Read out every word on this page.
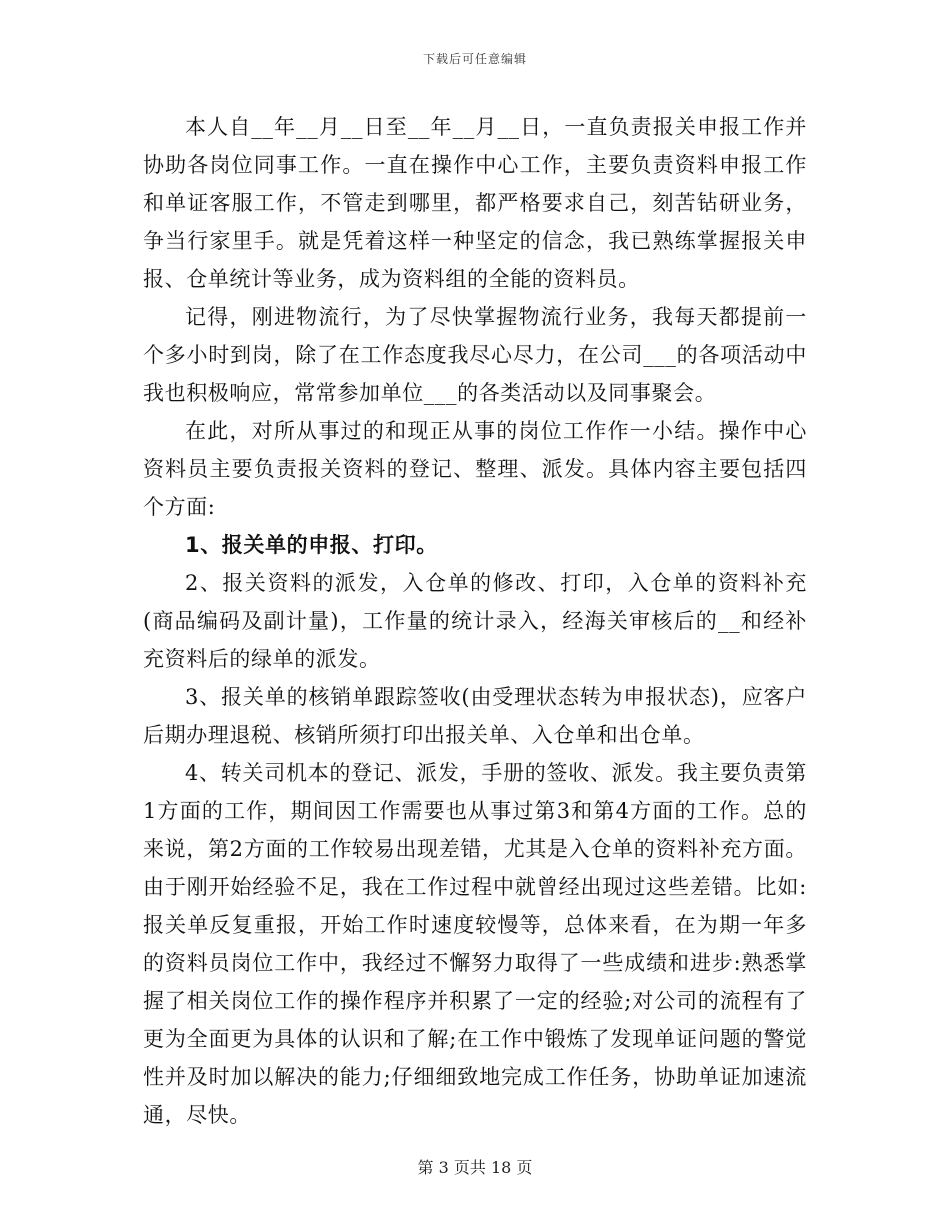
下载后可任意编辑

本人自__年__月__日至__年__月__日，一直负责报关申报工作并协助各岗位同事工作。一直在操作中心工作，主要负责资料申报工作和单证客服工作，不管走到哪里，都严格要求自己，刻苦钻研业务，争当行家里手。就是凭着这样一种坚定的信念，我已熟练掌握报关申报、仓单统计等业务，成为资料组的全能的资料员。

记得，刚进物流行，为了尽快掌握物流行业务，我每天都提前一个多小时到岗，除了在工作态度我尽心尽力，在公司___的各项活动中我也积极响应，常常参加单位___的各类活动以及同事聚会。

在此，对所从事过的和现正从事的岗位工作作一小结。操作中心资料员主要负责报关资料的登记、整理、派发。具体内容主要包括四个方面:

1、报关单的申报、打印。

2、报关资料的派发，入仓单的修改、打印，入仓单的资料补充(商品编码及副计量)，工作量的统计录入，经海关审核后的__和经补充资料后的绿单的派发。

3、报关单的核销单跟踪签收(由受理状态转为申报状态)，应客户后期办理退税、核销所须打印出报关单、入仓单和出仓单。

4、转关司机本的登记、派发，手册的签收、派发。我主要负责第1方面的工作，期间因工作需要也从事过第3和第4方面的工作。总的来说，第2方面的工作较易出现差错，尤其是入仓单的资料补充方面。由于刚开始经验不足，我在工作过程中就曾经出现过这些差错。比如:报关单反复重报，开始工作时速度较慢等，总体来看，在为期一年多的资料员岗位工作中，我经过不懈努力取得了一些成绩和进步:熟悉掌握了相关岗位工作的操作程序并积累了一定的经验;对公司的流程有了更为全面更为具体的认识和了解;在工作中锻炼了发现单证问题的警觉性并及时加以解决的能力;仔细细致地完成工作任务，协助单证加速流通，尽快。

第 3 页共 18 页
